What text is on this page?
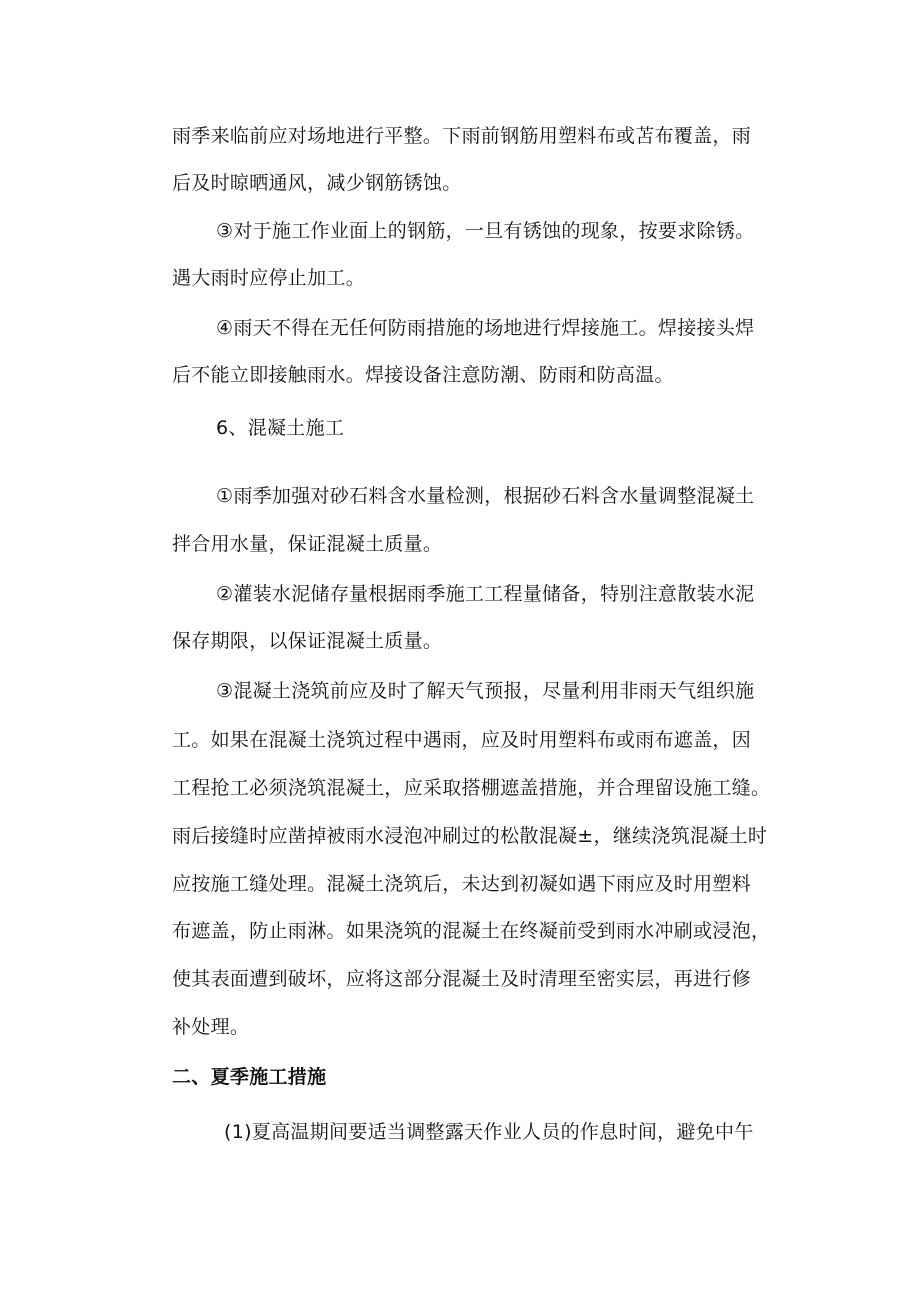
雨季来临前应对场地进行平整。下雨前钢筋用塑料布或苫布覆盖，雨
后及时晾晒通风，减少钢筋锈蚀。
③对于施工作业面上的钢筋，一旦有锈蚀的现象，按要求除锈。
遇大雨时应停止加工。
④雨天不得在无任何防雨措施的场地进行焊接施工。焊接接头焊
后不能立即接触雨水。焊接设备注意防潮、防雨和防高温。
6、混凝土施工
①雨季加强对砂石料含水量检测，根据砂石料含水量调整混凝土
拌合用水量，保证混凝土质量。
②灌装水泥储存量根据雨季施工工程量储备，特别注意散装水泥
保存期限，以保证混凝土质量。
③混凝土浇筑前应及时了解天气预报，尽量利用非雨天气组织施
工。如果在混凝土浇筑过程中遇雨，应及时用塑料布或雨布遮盖，因
工程抢工必须浇筑混凝土，应采取搭棚遮盖措施，并合理留设施工缝。
雨后接缝时应凿掉被雨水浸泡冲刷过的松散混凝±，继续浇筑混凝土时
应按施工缝处理。混凝土浇筑后，未达到初凝如遇下雨应及时用塑料
布遮盖，防止雨淋。如果浇筑的混凝土在终凝前受到雨水冲刷或浸泡，
使其表面遭到破坏，应将这部分混凝土及时清理至密实层，再进行修
补处理。
二、夏季施工措施
(1)夏高温期间要适当调整露天作业人员的作息时间，避免中午
